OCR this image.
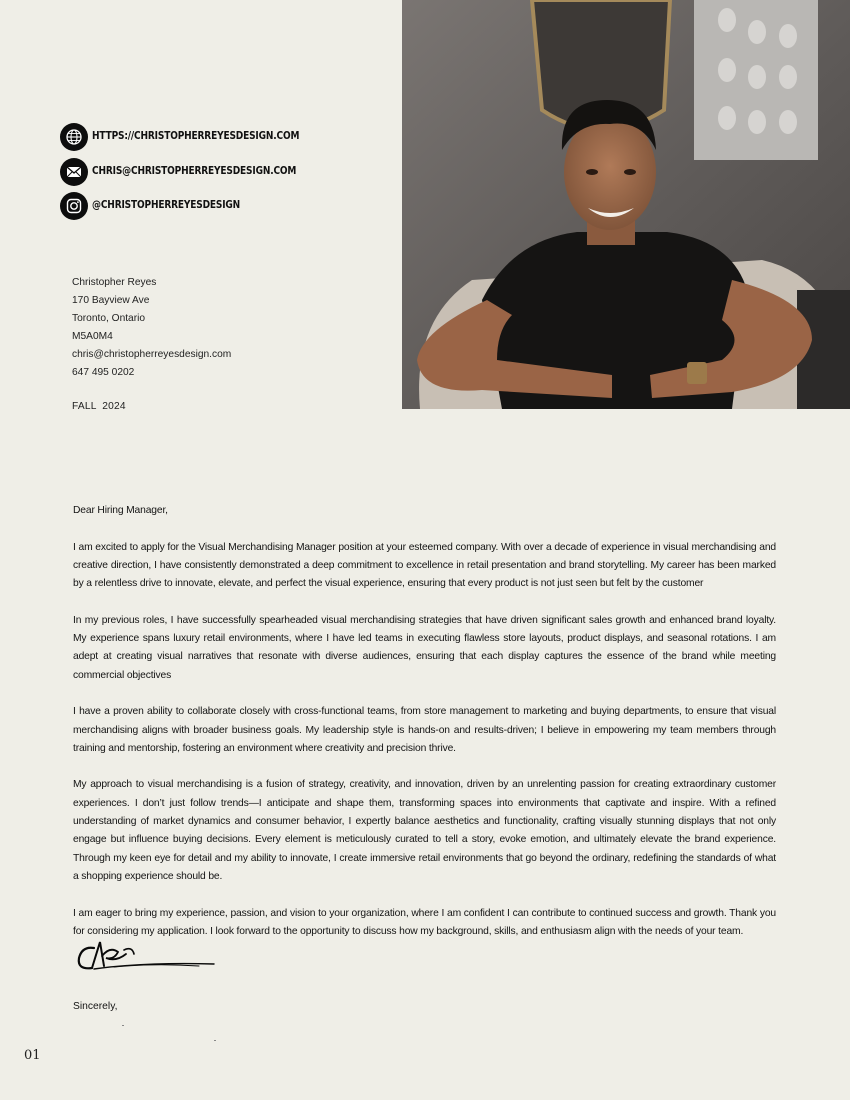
HTTPS://CHRISTOPHERREYESDESIGN.COM
CHRIS@CHRISTOPHERREYESDESIGN.COM
@CHRISTOPHERREYESDESIGN
Christopher Reyes
170 Bayview Ave
Toronto, Ontario
M5A0M4
chris@christopherreyesdesign.com
647 495 0202
FALL  2024

Dear Hiring Manager,

I am excited to apply for the Visual Merchandising Manager position at your esteemed company. With over a decade of experience in visual merchandising and creative direction, I have consistently demonstrated a deep commitment to excellence in retail presentation and brand storytelling. My career has been marked by a relentless drive to innovate, elevate, and perfect the visual experience, ensuring that every product is not just seen but felt by the customer

In my previous roles, I have successfully spearheaded visual merchandising strategies that have driven significant sales growth and enhanced brand loyalty. My experience spans luxury retail environments, where I have led teams in executing flawless store layouts, product displays, and seasonal rotations. I am adept at creating visual narratives that resonate with diverse audiences, ensuring that each display captures the essence of the brand while meeting commercial objectives

I have a proven ability to collaborate closely with cross-functional teams, from store management to marketing and buying departments, to ensure that visual merchandising aligns with broader business goals. My leadership style is hands-on and results-driven; I believe in empowering my team members through training and mentorship, fostering an environment where creativity and precision thrive.

My approach to visual merchandising is a fusion of strategy, creativity, and innovation, driven by an unrelenting passion for creating extraordinary customer experiences. I don’t just follow trends—I anticipate and shape them, transforming spaces into environments that captivate and inspire. With a refined understanding of market dynamics and consumer behavior, I expertly balance aesthetics and functionality, crafting visually stunning displays that not only engage but influence buying decisions. Every element is meticulously curated to tell a story, evoke emotion, and ultimately elevate the brand experience. Through my keen eye for detail and my ability to innovate, I create immersive retail environments that go beyond the ordinary, redefining the standards of what a shopping experience should be.

I am eager to bring my experience, passion, and vision to your organization, where I am confident I can contribute to continued success and growth. Thank you for considering my application. I look forward to the opportunity to discuss how my background, skills, and enthusiasm align with the needs of your team.

Sincerely,
01
